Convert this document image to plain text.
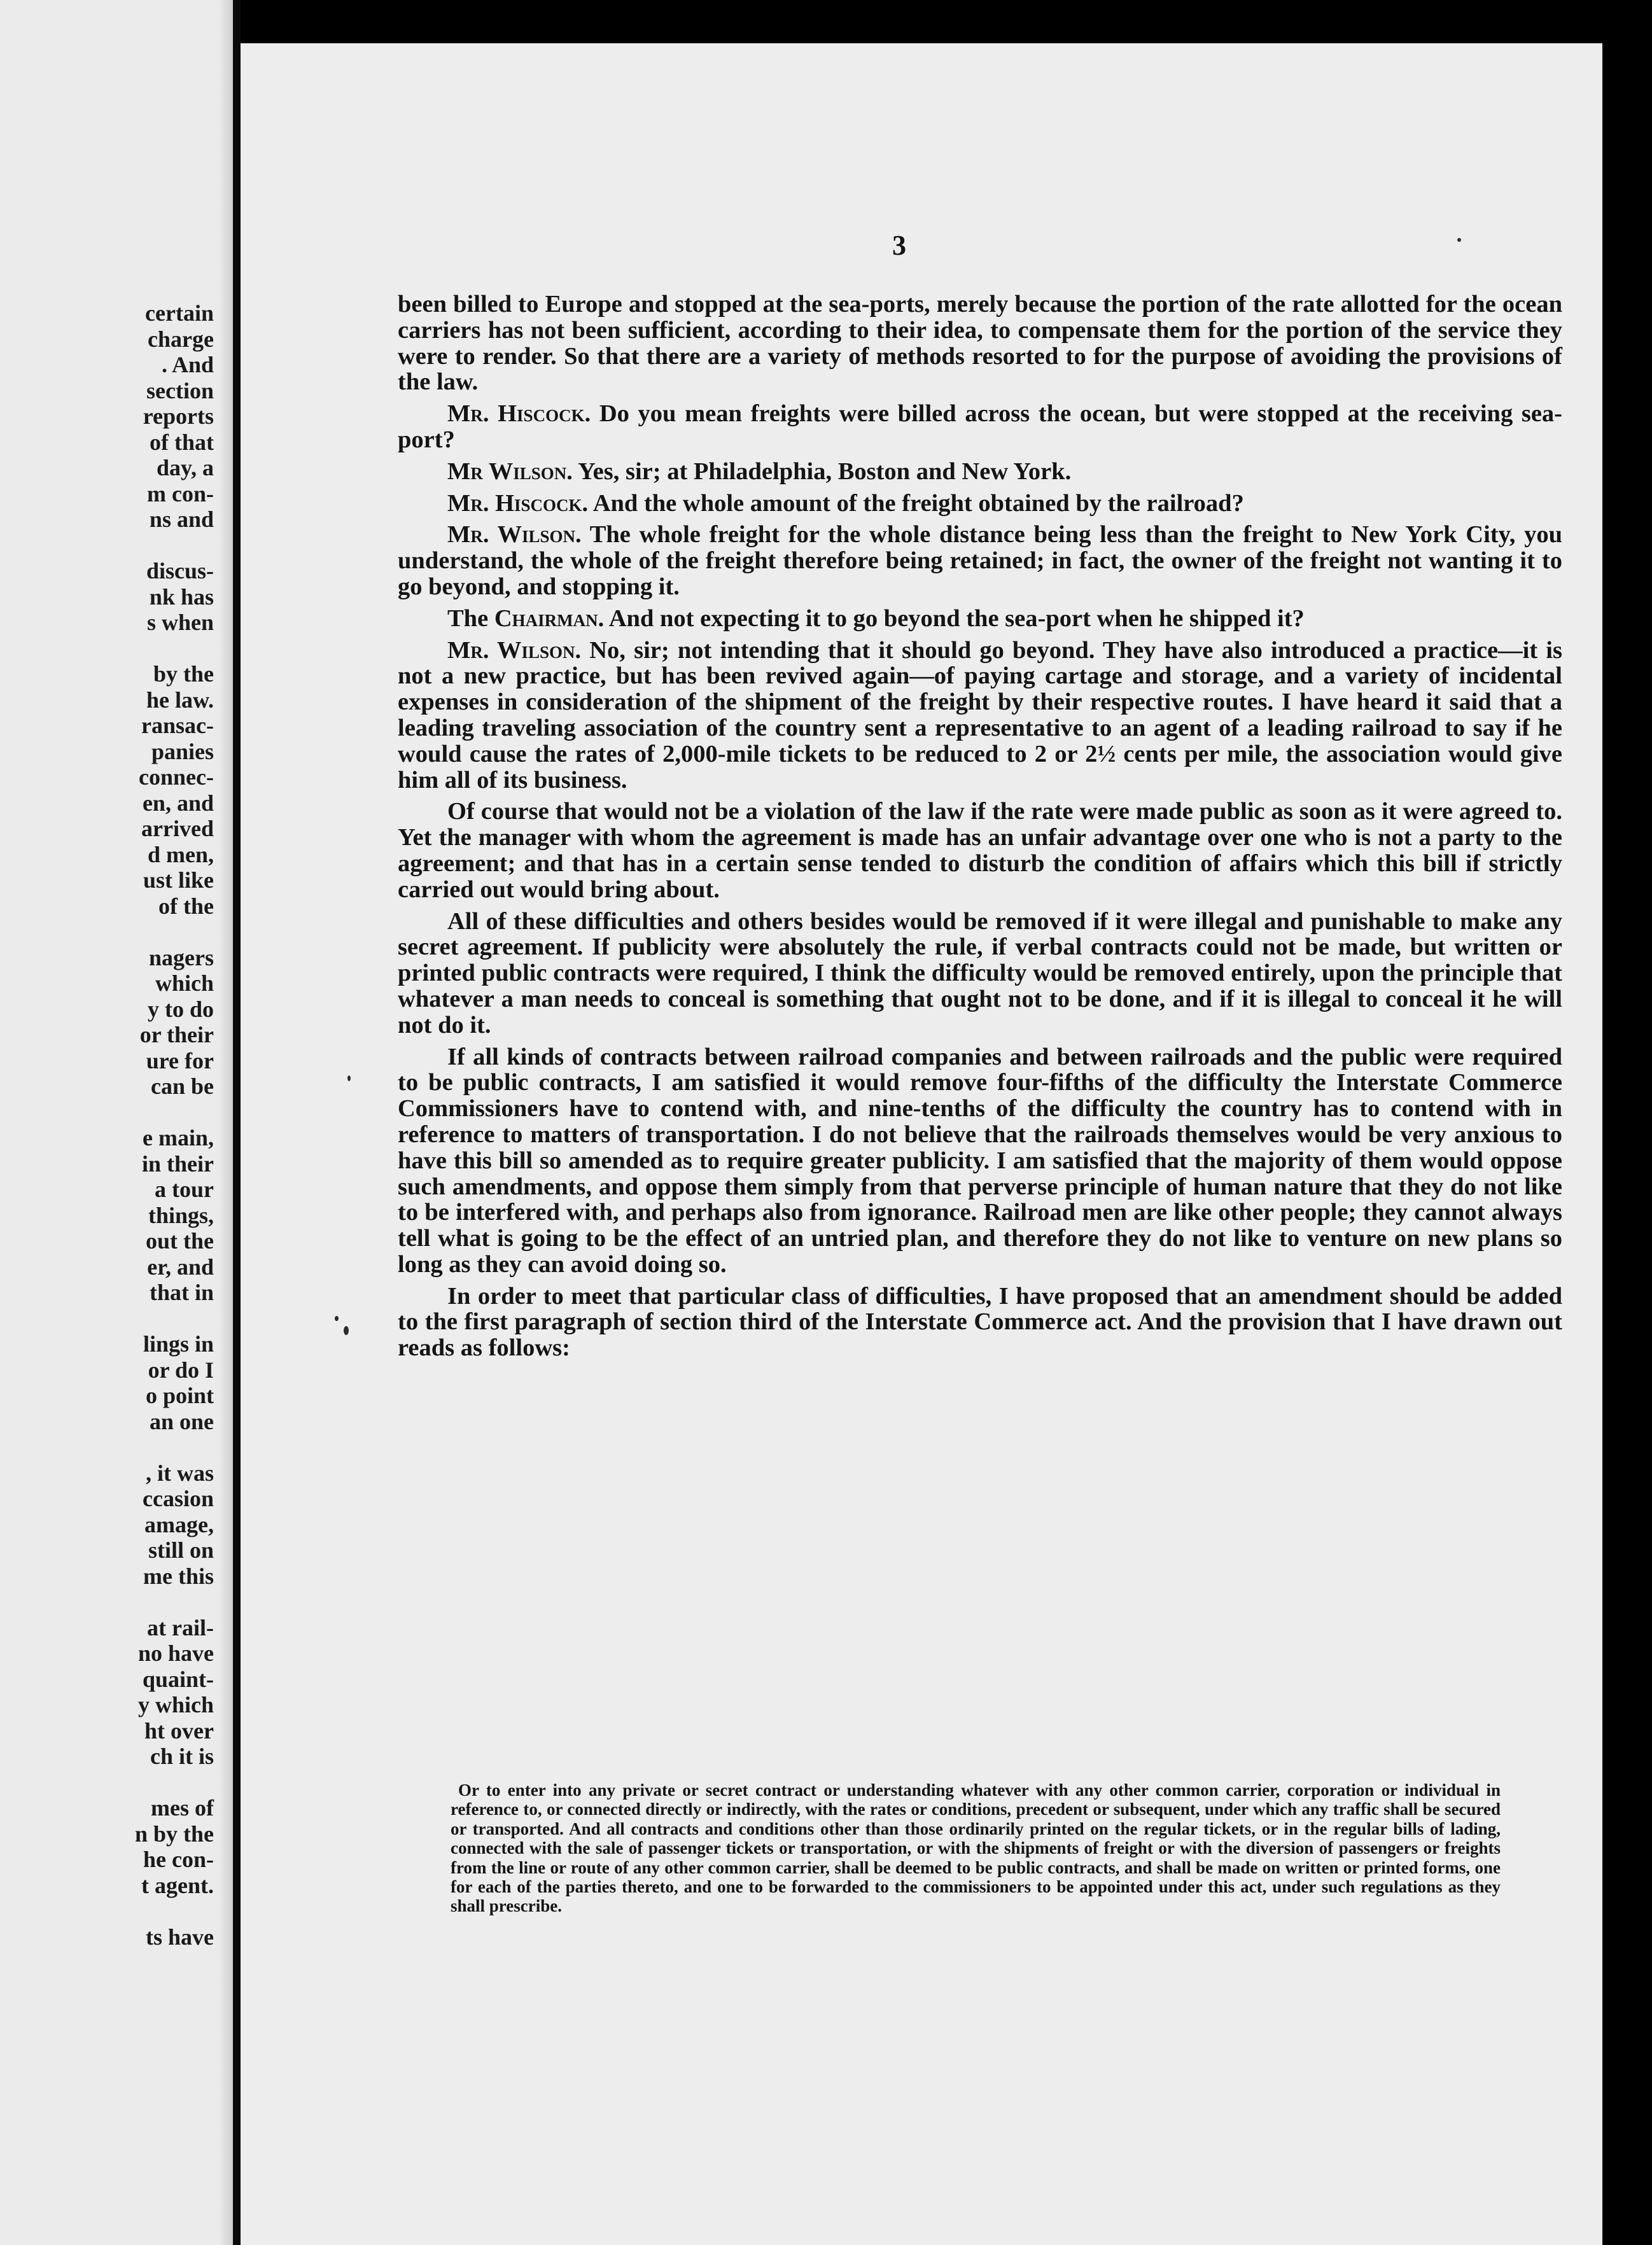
certain
charge
. And
section
reports
of that
day, a
m con-
ns and

discus-
nk has
s when

by the
he law.
ransac-
panies
connec-
en, and
arrived
d men,
ust like
of the

nagers
which
y to do
or their
ure for
can be

e main,
in their
a tour
things,
out the
er, and
that in

lings in
or do I
o point
an one

, it was
ccasion
amage,
still on
me this

at rail-
no have
quaint-
y which
ht over
ch it is

mes of
n by the
he con-
t agent.

ts have
3

been billed to Europe and stopped at the sea-ports, merely because the portion of the rate allotted for the ocean carriers has not been sufficient, according to their idea, to compensate them for the portion of the service they were to render. So that there are a variety of methods resorted to for the purpose of avoiding the provisions of the law.

Mr. Hiscock. Do you mean freights were billed across the ocean, but were stopped at the receiving sea-port?

Mr Wilson. Yes, sir; at Philadelphia, Boston and New York.

Mr. Hiscock. And the whole amount of the freight obtained by the railroad?

Mr. Wilson. The whole freight for the whole distance being less than the freight to New York City, you understand, the whole of the freight therefore being retained; in fact, the owner of the freight not wanting it to go beyond, and stopping it.

The Chairman. And not expecting it to go beyond the sea-port when he shipped it?

Mr. Wilson. No, sir; not intending that it should go beyond. They have also introduced a practice—it is not a new practice, but has been revived again—of paying cartage and storage, and a variety of incidental expenses in consideration of the shipment of the freight by their respective routes. I have heard it said that a leading traveling association of the country sent a representative to an agent of a leading railroad to say if he would cause the rates of 2,000-mile tickets to be reduced to 2 or 2½ cents per mile, the association would give him all of its business.

Of course that would not be a violation of the law if the rate were made public as soon as it were agreed to. Yet the manager with whom the agreement is made has an unfair advantage over one who is not a party to the agreement; and that has in a certain sense tended to disturb the condition of affairs which this bill if strictly carried out would bring about.

All of these difficulties and others besides would be removed if it were illegal and punishable to make any secret agreement. If publicity were absolutely the rule, if verbal contracts could not be made, but written or printed public contracts were required, I think the difficulty would be removed entirely, upon the principle that whatever a man needs to conceal is something that ought not to be done, and if it is illegal to conceal it he will not do it.

If all kinds of contracts between railroad companies and between railroads and the public were required to be public contracts, I am satisfied it would remove four-fifths of the difficulty the Interstate Commerce Commissioners have to contend with, and nine-tenths of the difficulty the country has to contend with in reference to matters of transportation. I do not believe that the railroads themselves would be very anxious to have this bill so amended as to require greater publicity. I am satisfied that the majority of them would oppose such amendments, and oppose them simply from that perverse principle of human nature that they do not like to be interfered with, and perhaps also from ignorance. Railroad men are like other people; they cannot always tell what is going to be the effect of an untried plan, and therefore they do not like to venture on new plans so long as they can avoid doing so.

In order to meet that particular class of difficulties, I have proposed that an amendment should be added to the first paragraph of section third of the Interstate Commerce act. And the provision that I have drawn out reads as follows:

Or to enter into any private or secret contract or understanding whatever with any other common carrier, corporation or individual in reference to, or connected directly or indirectly, with the rates or conditions, precedent or subsequent, under which any traffic shall be secured or transported. And all contracts and conditions other than those ordinarily printed on the regular tickets, or in the regular bills of lading, connected with the sale of passenger tickets or transportation, or with the shipments of freight or with the diversion of passengers or freights from the line or route of any other common carrier, shall be deemed to be public contracts, and shall be made on written or printed forms, one for each of the parties thereto, and one to be forwarded to the commissioners to be appointed under this act, under such regulations as they shall prescribe.
